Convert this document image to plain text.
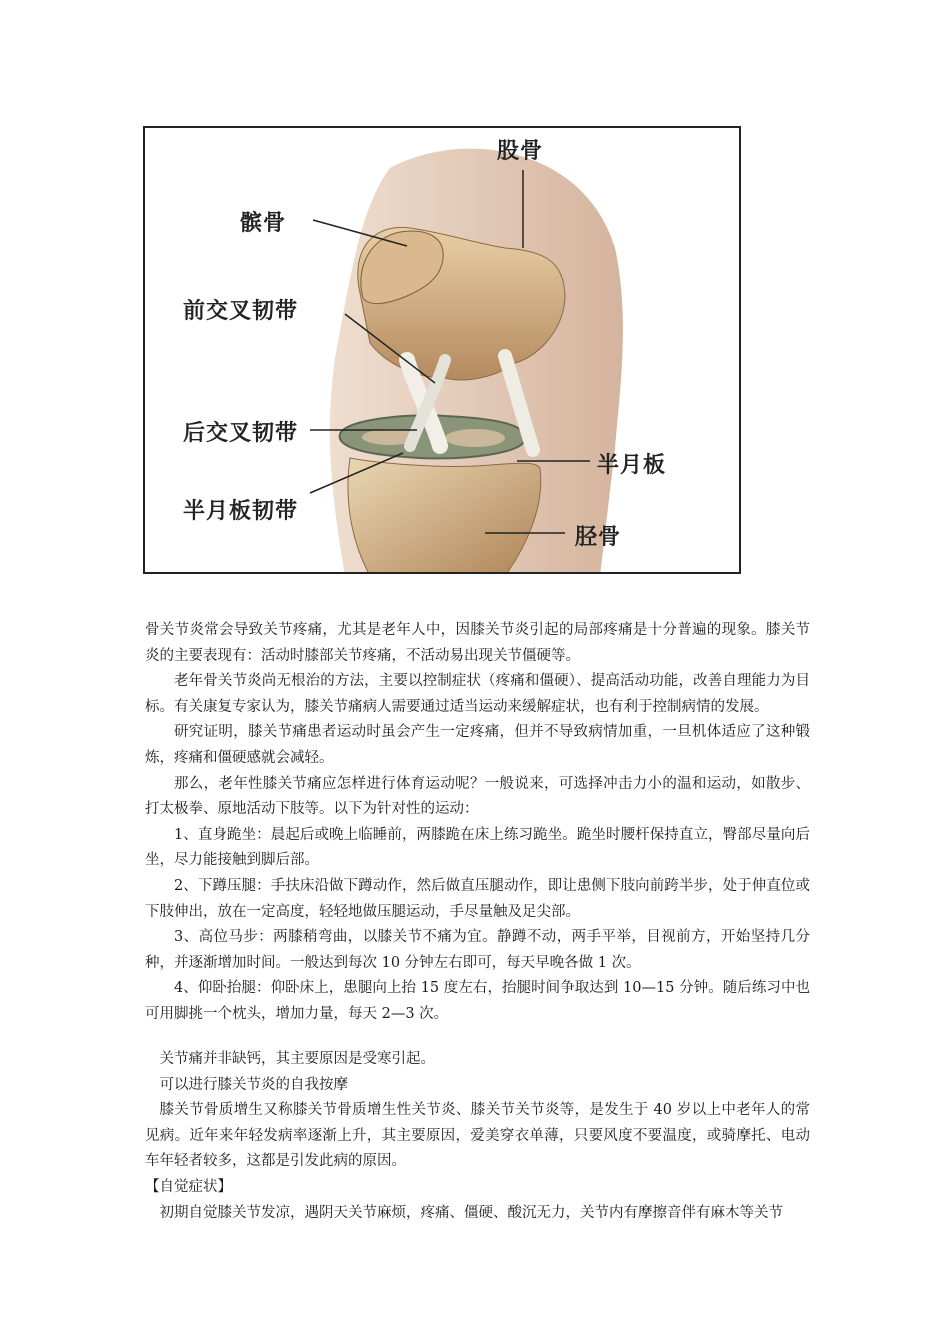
股骨
髌骨
前交叉韧带
后交叉韧带
半月板
半月板韧带
胫骨

骨关节炎常会导致关节疼痛，尤其是老年人中，因膝关节炎引起的局部疼痛是十分普遍的现象。膝关节炎的主要表现有：活动时膝部关节疼痛，不活动易出现关节僵硬等。

老年骨关节炎尚无根治的方法，主要以控制症状（疼痛和僵硬）、提高活动功能，改善自理能力为目标。有关康复专家认为，膝关节痛病人需要通过适当运动来缓解症状，也有利于控制病情的发展。

研究证明，膝关节痛患者运动时虽会产生一定疼痛，但并不导致病情加重，一旦机体适应了这种锻炼，疼痛和僵硬感就会减轻。

那么，老年性膝关节痛应怎样进行体育运动呢？一般说来，可选择冲击力小的温和运动，如散步、打太极拳、原地活动下肢等。以下为针对性的运动：

1、直身跪坐：晨起后或晚上临睡前，两膝跪在床上练习跪坐。跪坐时腰杆保持直立，臀部尽量向后坐，尽力能接触到脚后部。

2、下蹲压腿：手扶床沿做下蹲动作，然后做直压腿动作，即让患侧下肢向前跨半步，处于伸直位或下肢伸出，放在一定高度，轻轻地做压腿运动，手尽量触及足尖部。

3、高位马步：两膝稍弯曲，以膝关节不痛为宜。静蹲不动，两手平举，目视前方，开始坚持几分种，并逐渐增加时间。一般达到每次 10 分钟左右即可，每天早晚各做 1 次。

4、仰卧抬腿：仰卧床上，患腿向上抬 15 度左右，抬腿时间争取达到 10—15 分钟。随后练习中也可用脚挑一个枕头，增加力量，每天 2—3 次。

关节痛并非缺钙，其主要原因是受寒引起。

可以进行膝关节炎的自我按摩

膝关节骨质增生又称膝关节骨质增生性关节炎、膝关节关节炎等，是发生于 40 岁以上中老年人的常见病。近年来年轻发病率逐渐上升，其主要原因，爱美穿衣单薄，只要风度不要温度，或骑摩托、电动车年轻者较多，这都是引发此病的原因。

【自觉症状】

初期自觉膝关节发凉，遇阴天关节麻烦，疼痛、僵硬、酸沉无力，关节内有摩擦音伴有麻木等关节
